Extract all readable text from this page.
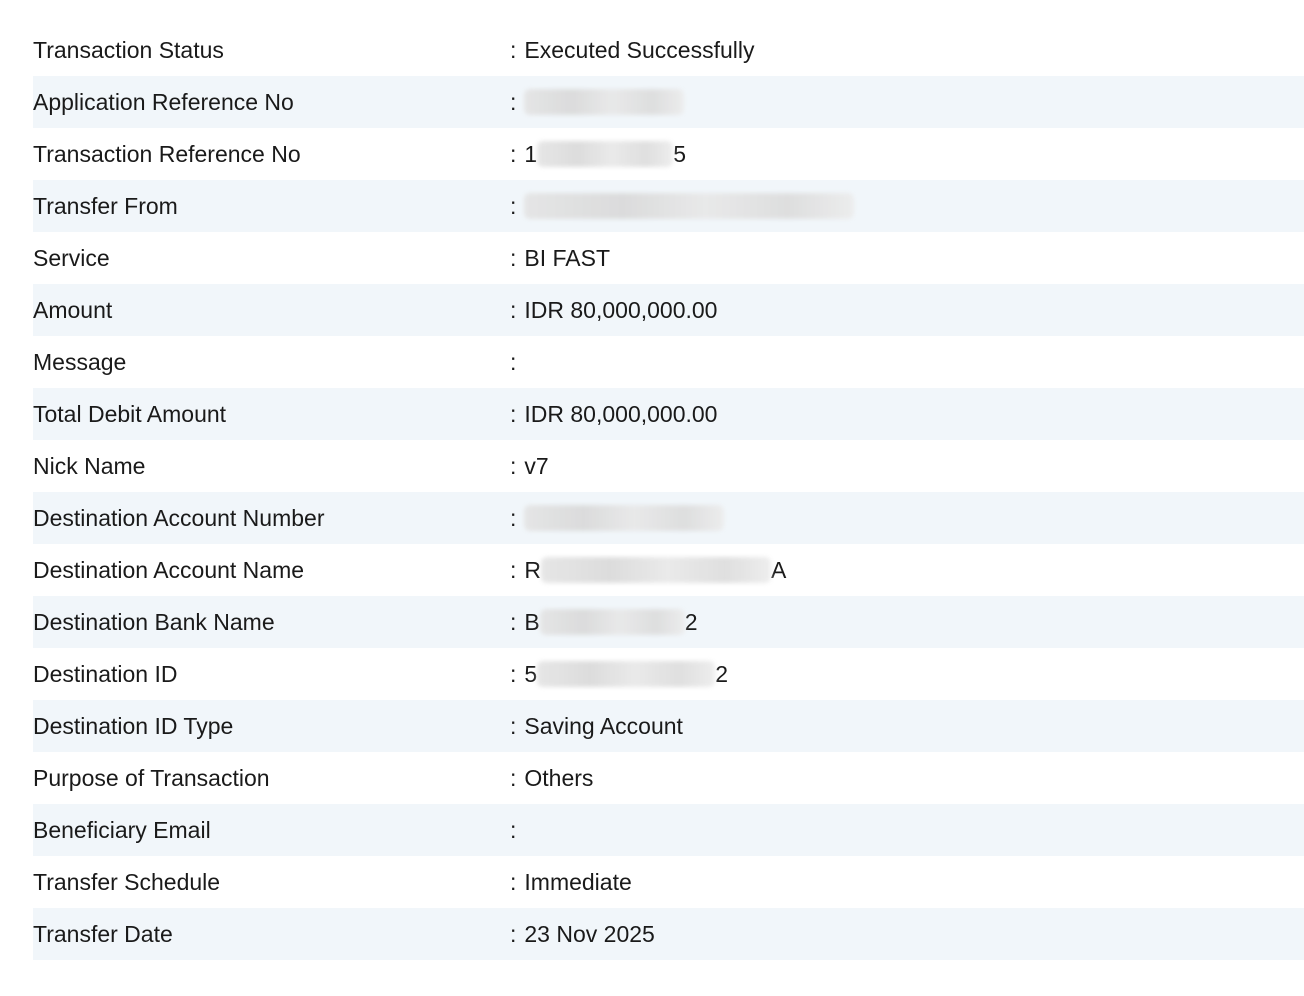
Transaction Status	: Executed Successfully
Application Reference No	:
Transaction Reference No	: 1	5
Transfer From	:
Service	: BI FAST
Amount	: IDR 80,000,000.00
Message	:
Total Debit Amount	: IDR 80,000,000.00
Nick Name	: v7
Destination Account Number	:
Destination Account Name	: R	A
Destination Bank Name	: B	2
Destination ID	: 5	2
Destination ID Type	: Saving Account
Purpose of Transaction	: Others
Beneficiary Email	:
Transfer Schedule	: Immediate
Transfer Date	: 23 Nov 2025
